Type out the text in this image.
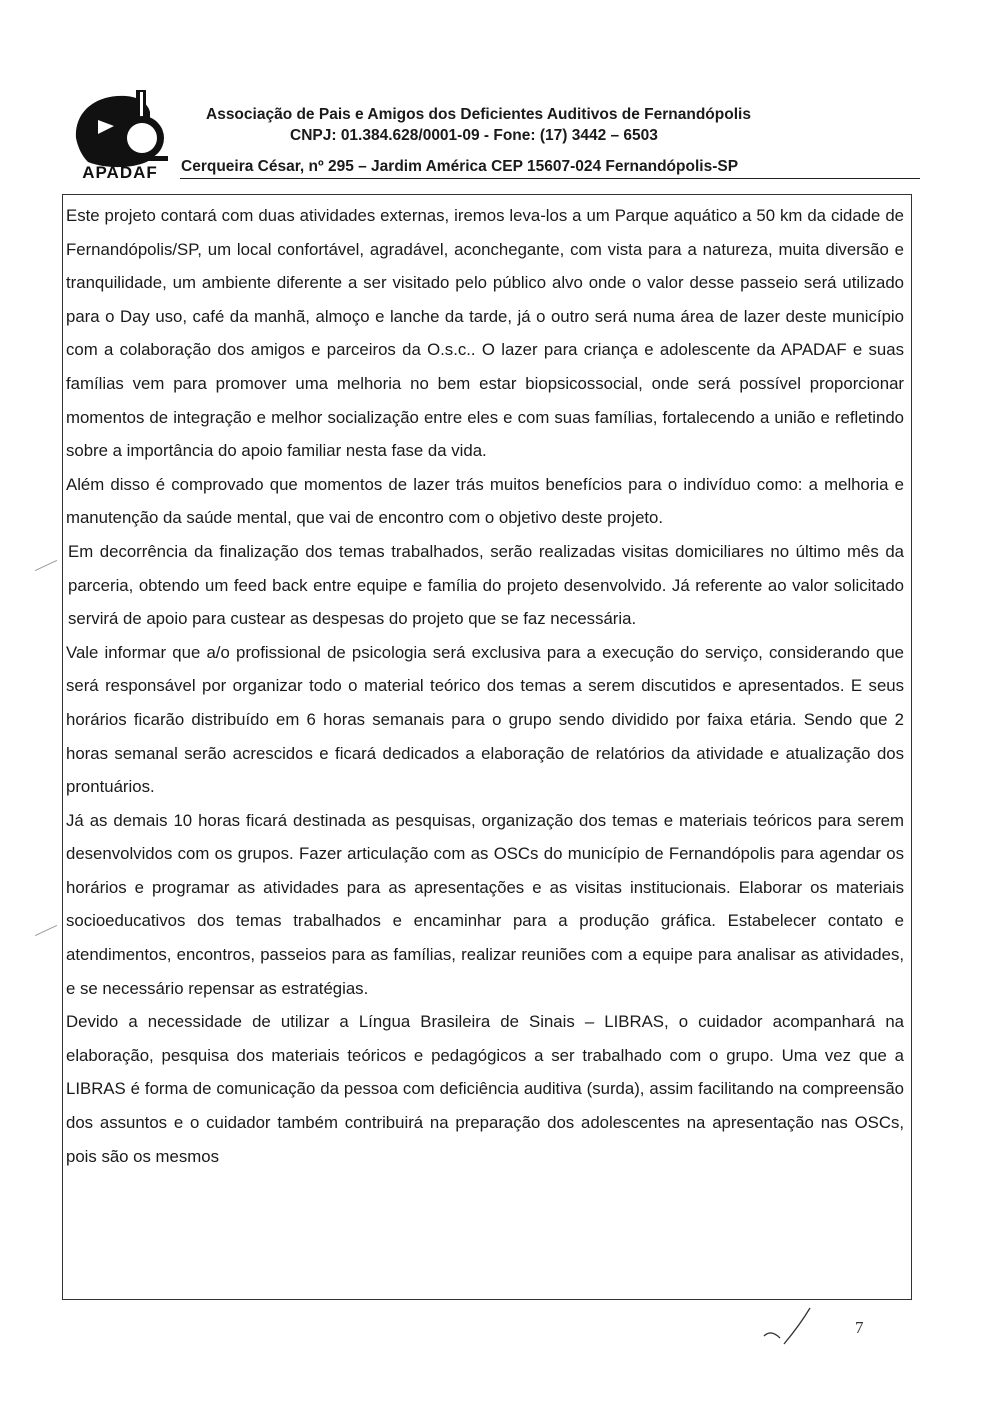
APADAF
Associação de Pais e Amigos dos Deficientes Auditivos de Fernandópolis
CNPJ: 01.384.628/0001-09 - Fone: (17) 3442 – 6503
Cerqueira César, nº 295 – Jardim América CEP 15607-024 Fernandópolis-SP

Este projeto contará com duas atividades externas, iremos leva-los a um Parque aquático a 50 km da cidade de Fernandópolis/SP, um local confortável, agradável, aconchegante, com vista para a natureza, muita diversão e tranquilidade, um ambiente diferente a ser visitado pelo público alvo onde o valor desse passeio será utilizado para o Day uso, café da manhã, almoço e lanche da tarde, já o outro será numa área de lazer deste município com a colaboração dos amigos e parceiros da O.s.c.. O lazer para criança e adolescente da APADAF e suas famílias vem para promover uma melhoria no bem estar biopsicossocial, onde será possível proporcionar momentos de integração e melhor socialização entre eles e com suas famílias, fortalecendo a união e refletindo sobre a importância do apoio familiar nesta fase da vida.

Além disso é comprovado que momentos de lazer trás muitos benefícios para o indivíduo como: a melhoria e manutenção da saúde mental, que vai de encontro com o objetivo deste projeto.

Em decorrência da finalização dos temas trabalhados, serão realizadas visitas domiciliares no último mês da parceria, obtendo um feed back entre equipe e família do projeto desenvolvido. Já referente ao valor solicitado servirá de apoio para custear as despesas do projeto que se faz necessária.

Vale informar que a/o profissional de psicologia será exclusiva para a execução do serviço, considerando que será responsável por organizar todo o material teórico dos temas a serem discutidos e apresentados. E seus horários ficarão distribuído em 6 horas semanais para o grupo sendo dividido por faixa etária. Sendo que 2 horas semanal serão acrescidos e ficará dedicados a elaboração de relatórios da atividade e atualização dos prontuários.

Já as demais 10 horas ficará destinada as pesquisas, organização dos temas e materiais teóricos para serem desenvolvidos com os grupos. Fazer articulação com as OSCs do município de Fernandópolis para agendar os horários e programar as atividades para as apresentações e as visitas institucionais. Elaborar os materiais socioeducativos dos temas trabalhados e encaminhar para a produção gráfica. Estabelecer contato e atendimentos, encontros, passeios para as famílias, realizar reuniões com a equipe para analisar as atividades, e se necessário repensar as estratégias.

Devido a necessidade de utilizar a Língua Brasileira de Sinais – LIBRAS, o cuidador acompanhará na elaboração, pesquisa dos materiais teóricos e pedagógicos a ser trabalhado com o grupo. Uma vez que a LIBRAS é forma de comunicação da pessoa com deficiência auditiva (surda), assim facilitando na compreensão dos assuntos e o cuidador também contribuirá na preparação dos adolescentes na apresentação nas OSCs, pois são os mesmos

7
